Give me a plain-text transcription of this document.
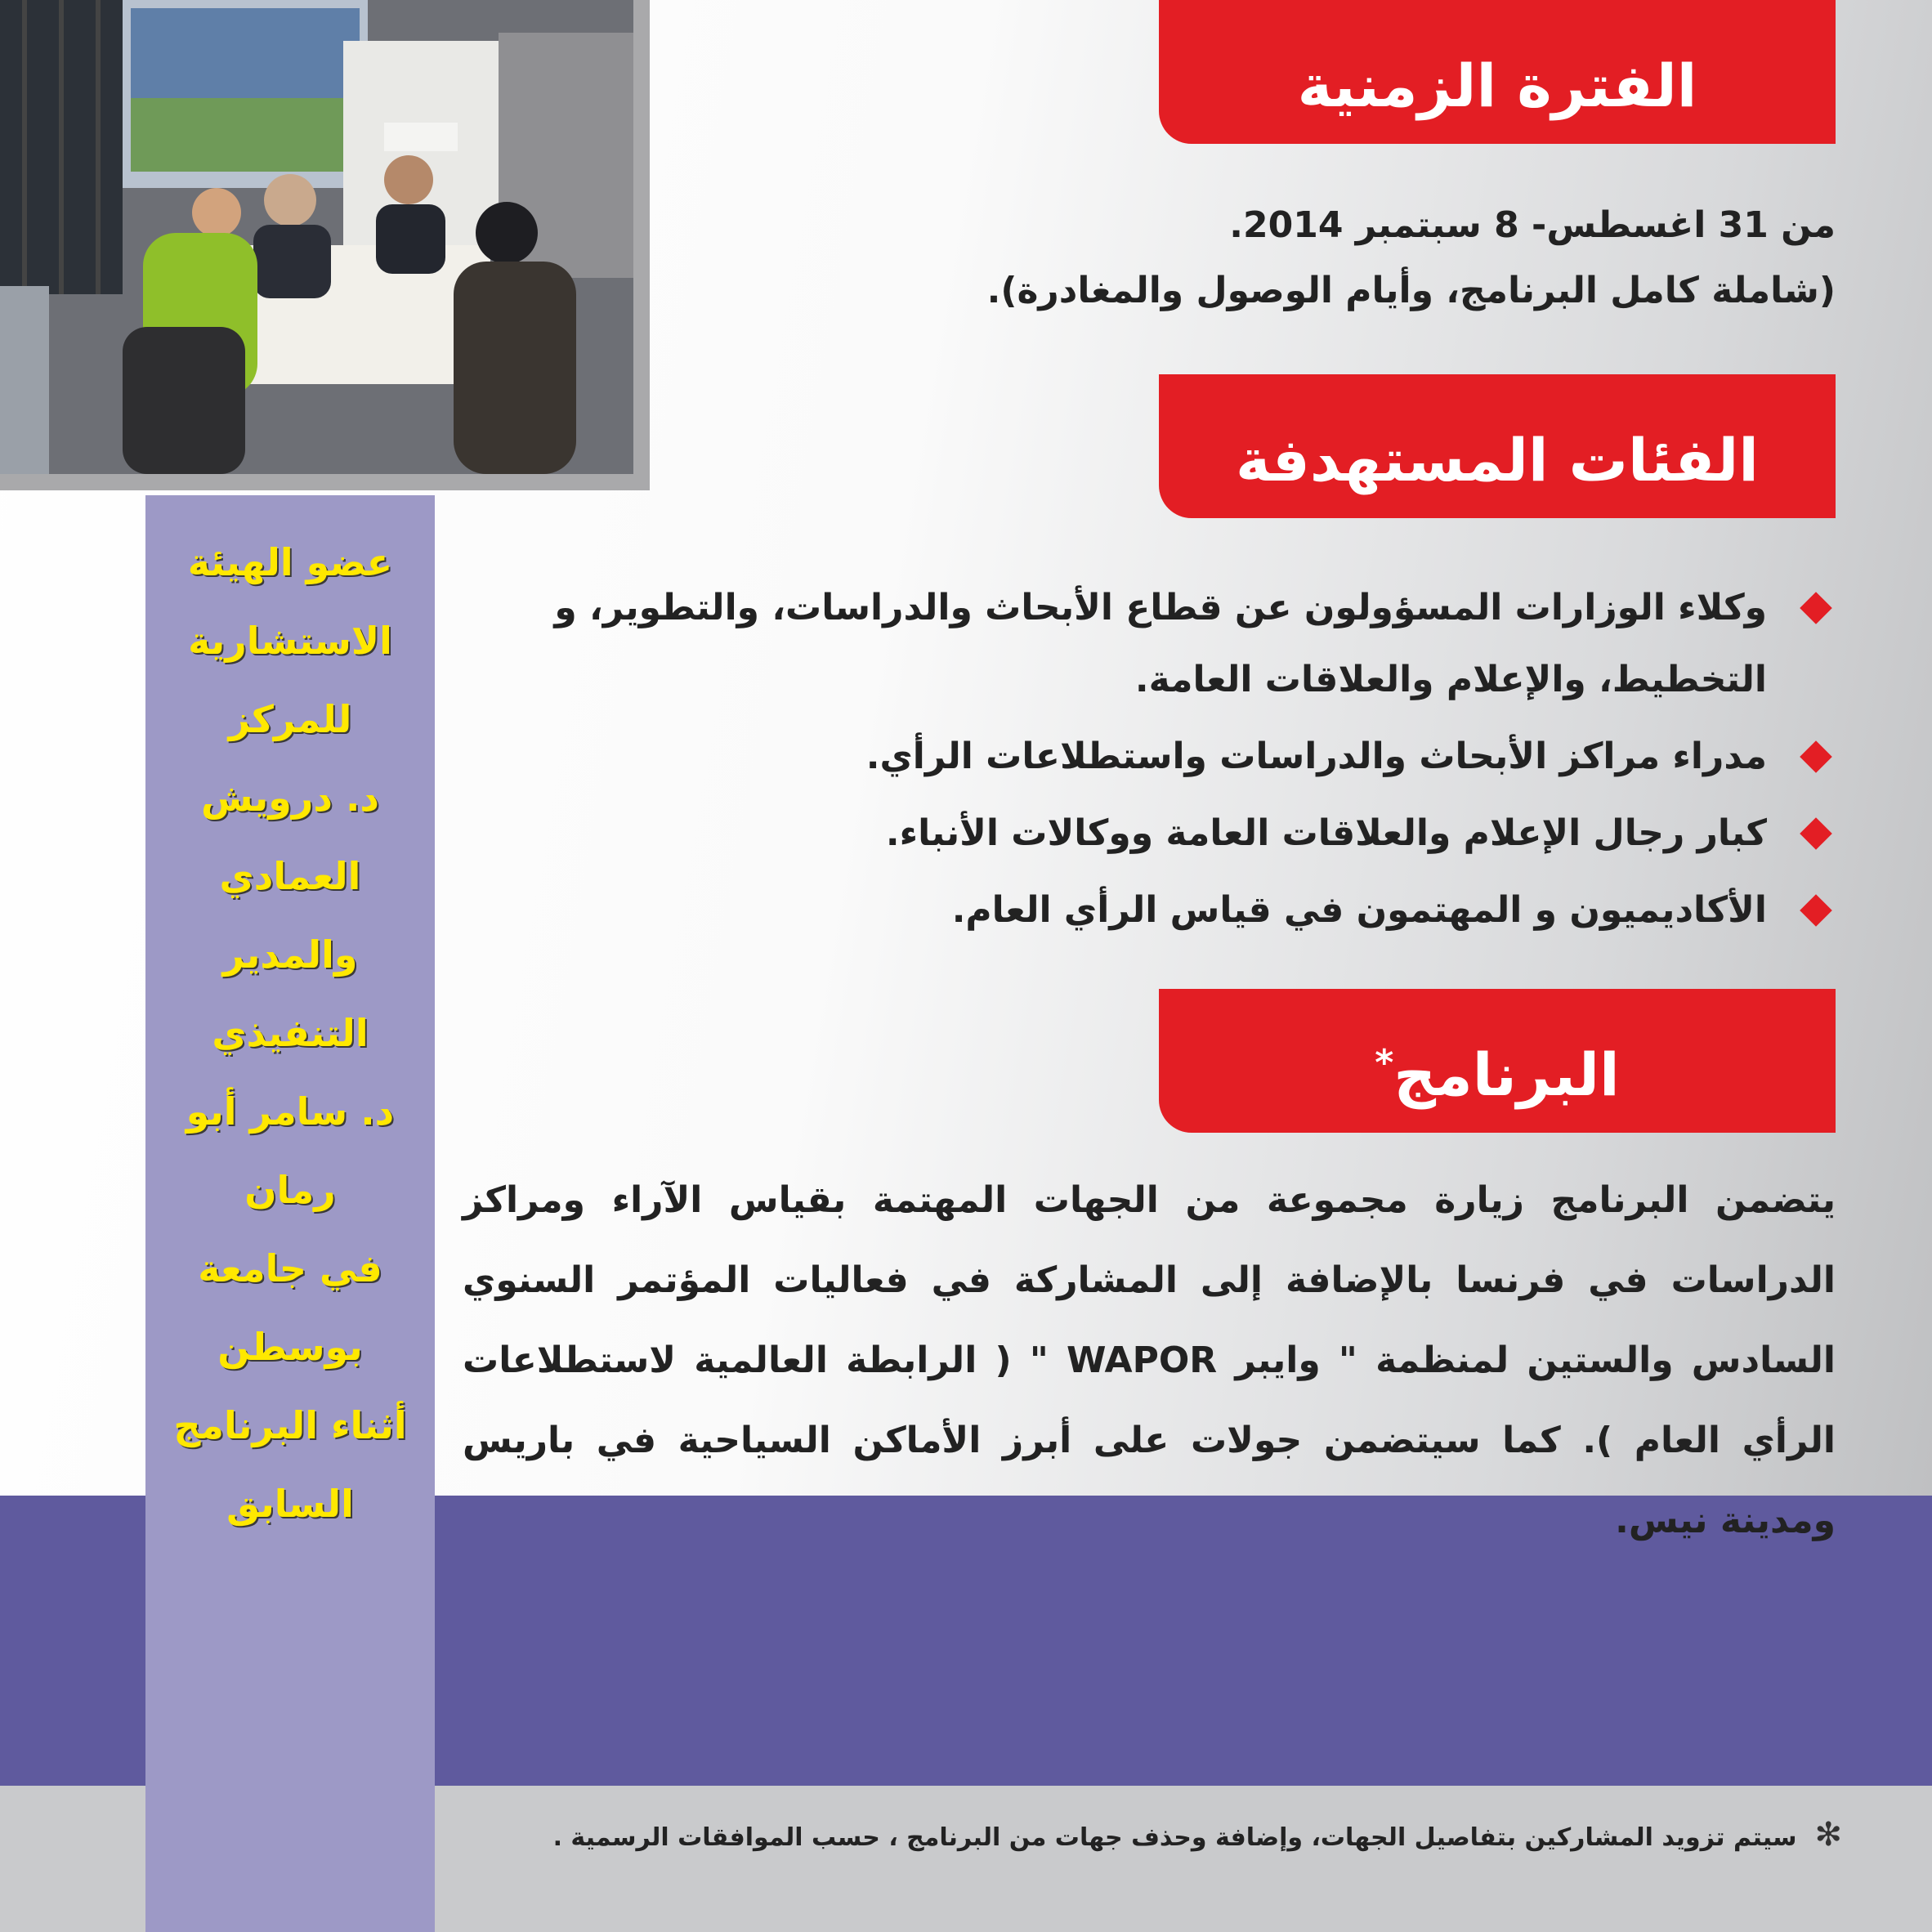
عضو الهيئة
الاستشارية للمركز
د. درويش العمادي
والمدير التنفيذي
د. سامر أبو رمان
في جامعة بوسطن
أثناء البرنامج
السابق
الفترة الزمنية
من 31 اغسطس- 8 سبتمبر 2014.
(شاملة كامل البرنامج، وأيام الوصول والمغادرة).
الفئات المستهدفة
وكلاء الوزارات المسؤولون عن قطاع الأبحاث والدراسات، والتطوير، و التخطيط، والإعلام والعلاقات العامة.
مدراء مراكز الأبحاث والدراسات واستطلاعات الرأي.
كبار رجال الإعلام والعلاقات العامة ووكالات الأنباء.
الأكاديميون و المهتمون في قياس الرأي العام.
البرنامج*
يتضمن البرنامج زيارة مجموعة من الجهات المهتمة بقياس الآراء ومراكز الدراسات في فرنسا بالإضافة إلى المشاركة في فعاليات المؤتمر السنوي السادس والستين لمنظمة " وايبر WAPOR " ( الرابطة العالمية لاستطلاعات الرأي العام ). كما سيتضمن جولات على أبرز الأماكن السياحية في باريس ومدينة نيس.
✻سيتم تزويد المشاركين بتفاصيل الجهات، وإضافة وحذف جهات من البرنامج ، حسب الموافقات الرسمية .
